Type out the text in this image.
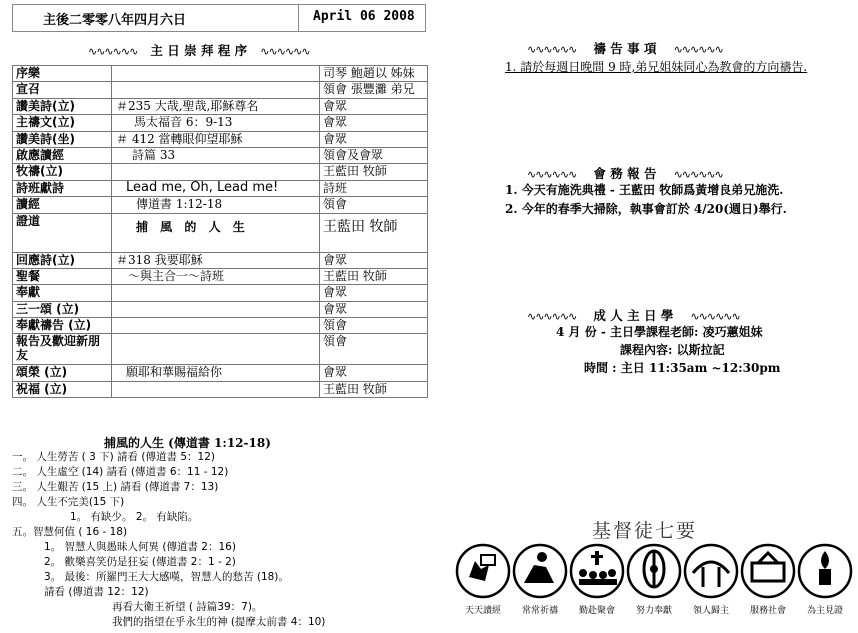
主後二零零八年四月六日	April 06 2008
∿∿∿∿∿∿ 主 日 崇 拜 程 序 ∿∿∿∿∿∿
序樂		司琴 鮑趙以 姊妹
宣召		領會 張豐灘 弟兄
讚美詩(立)	＃235 大哉,聖哉,耶穌尊名	會眾
主禱文(立)	馬太福音 6：9-13	會眾
讚美詩(坐)	＃ 412 當轉眼仰望耶穌	會眾
啟應讀經	詩篇 33	領會及會眾
牧禱(立)		王藍田 牧師
詩班獻詩	Lead me, Oh, Lead me!	詩班
讀經	傳道書 1:12-18	領會
證道	捕 風 的 人 生	王藍田 牧師
回應詩(立)	＃318 我要耶穌	會眾
聖餐	～與主合一～詩班	王藍田 牧師
奉獻		會眾
三一頌 (立)		會眾
奉獻禱告 (立)		領會
報告及歡迎新朋友		領會
頌榮 (立)	願耶和華賜福給你	會眾
祝福 (立)		王藍田 牧師
捕風的人生 (傳道書 1:12-18)
一。 人生勞苦 ( 3 下) 請看 (傳道書 5：12)
二。 人生虛空 (14) 請看 (傳道書 6：11 - 12)
三。 人生艱苦 (15 上) 請看 (傳道書 7：13)
四。 人生不完美(15 下)
1。 有缺少。 2。 有缺陷。
五。智慧何值 ( 16 - 18)
1。 智慧人與愚昧人何異 (傳道書 2：16)
2。 歡樂喜笑仍是狂妄 (傳道書 2：1 - 2)
3。 最後：所羅門王大大感嘆，智慧人的愁苦 (18)。
請看 (傳道書 12：12)
再看大衛王祈望 ( 詩篇39：7)。
我們的指望在乎永生的神 (提摩太前書 4：10)
∿∿∿∿∿∿ 禱 告 事 項 ∿∿∿∿∿∿
1. 請於每週日晚間 9 時,弟兄姐妹同心為教會的方向禱告.
∿∿∿∿∿∿ 會 務 報 告 ∿∿∿∿∿∿
1. 今天有施洗典禮 - 王藍田 牧師爲黃增良弟兄施洗.
2. 今年的春季大掃除，執事會訂於 4/20(週日)舉行.
∿∿∿∿∿∿ 成 人 主 日 學 ∿∿∿∿∿∿
4 月 份 - 主日學課程老師: 凌巧蕙姐妹
課程內容: 以斯拉記
時間 : 主日 11:35am ~12:30pm
基督徒七要
天天讀經	常常祈禱	勤赴聚會	努力奉獻	領人歸主	服務社會	為主見證
